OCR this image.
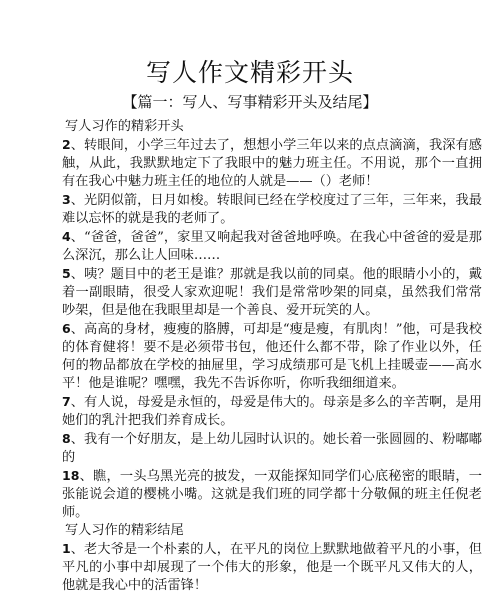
写人作文精彩开头
【篇一：写人、写事精彩开头及结尾】
写人习作的精彩开头

2、转眼间，小学三年过去了，想想小学三年以来的点点滴滴，我深有感触，从此，我默默地定下了我眼中的魅力班主任。不用说，那个一直拥有在我心中魅力班主任的地位的人就是——（）老师！

3、光阴似箭，日月如梭。转眼间已经在学校度过了三年，三年来，我最难以忘怀的就是我的老师了。

4、“爸爸，爸爸”，家里又响起我对爸爸地呼唤。在我心中爸爸的爱是那么深沉，那么让人回味……

5、咦？题目中的老王是谁？那就是我以前的同桌。他的眼睛小小的，戴着一副眼睛，很受人家欢迎呢！我们是常常吵架的同桌，虽然我们常常吵架，但是他在我眼里却是一个善良、爱开玩笑的人。

6、高高的身材，瘦瘦的胳膊，可却是“瘦是瘦，有肌肉！”他，可是我校的体育健将！要不是必须带书包，他还什么都不带，除了作业以外，任何的物品都放在学校的抽屉里，学习成绩那可是飞机上挂暖壶——高水平！他是谁呢？嘿嘿，我先不告诉你听，你听我细细道来。

7、有人说，母爱是永恒的，母爱是伟大的。母亲是多么的辛苦啊，是用她们的乳汁把我们养育成长。

8、我有一个好朋友，是上幼儿园时认识的。她长着一张圆圆的、粉嘟嘟的

18、瞧，一头乌黑光亮的披发，一双能探知同学们心底秘密的眼睛，一张能说会道的樱桃小嘴。这就是我们班的同学都十分敬佩的班主任倪老师。

写人习作的精彩结尾

1、老大爷是一个朴素的人，在平凡的岗位上默默地做着平凡的小事，但平凡的小事中却展现了一个伟大的形象，他是一个既平凡又伟大的人，他就是我心中的活雷锋！
